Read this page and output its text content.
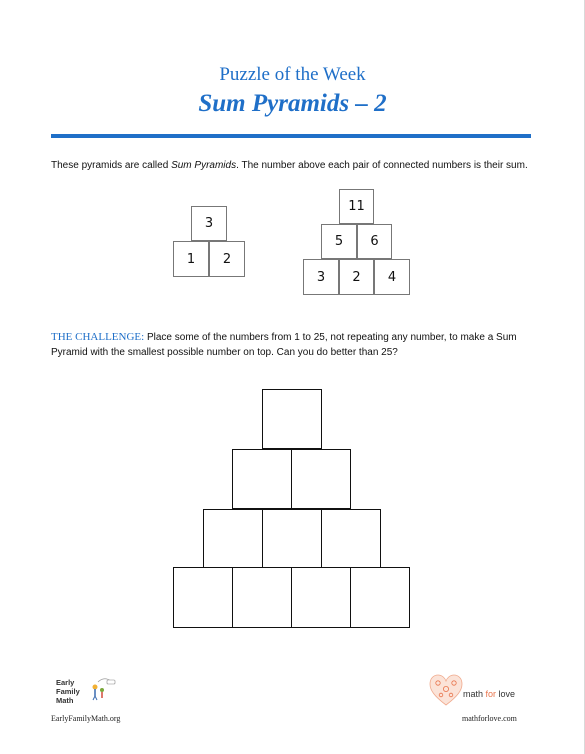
Puzzle of the Week
Sum Pyramids – 2
These pyramids are called Sum Pyramids. The number above each pair of connected numbers is their sum.
3
1	2
11
5	6
3	2	4
THE CHALLENGE: Place some of the numbers from 1 to 25, not repeating any number, to make a Sum Pyramid with the smallest possible number on top. Can you do better than 25?
Early
Family
Math
EarlyFamilyMath.org
math for love
mathforlove.com
